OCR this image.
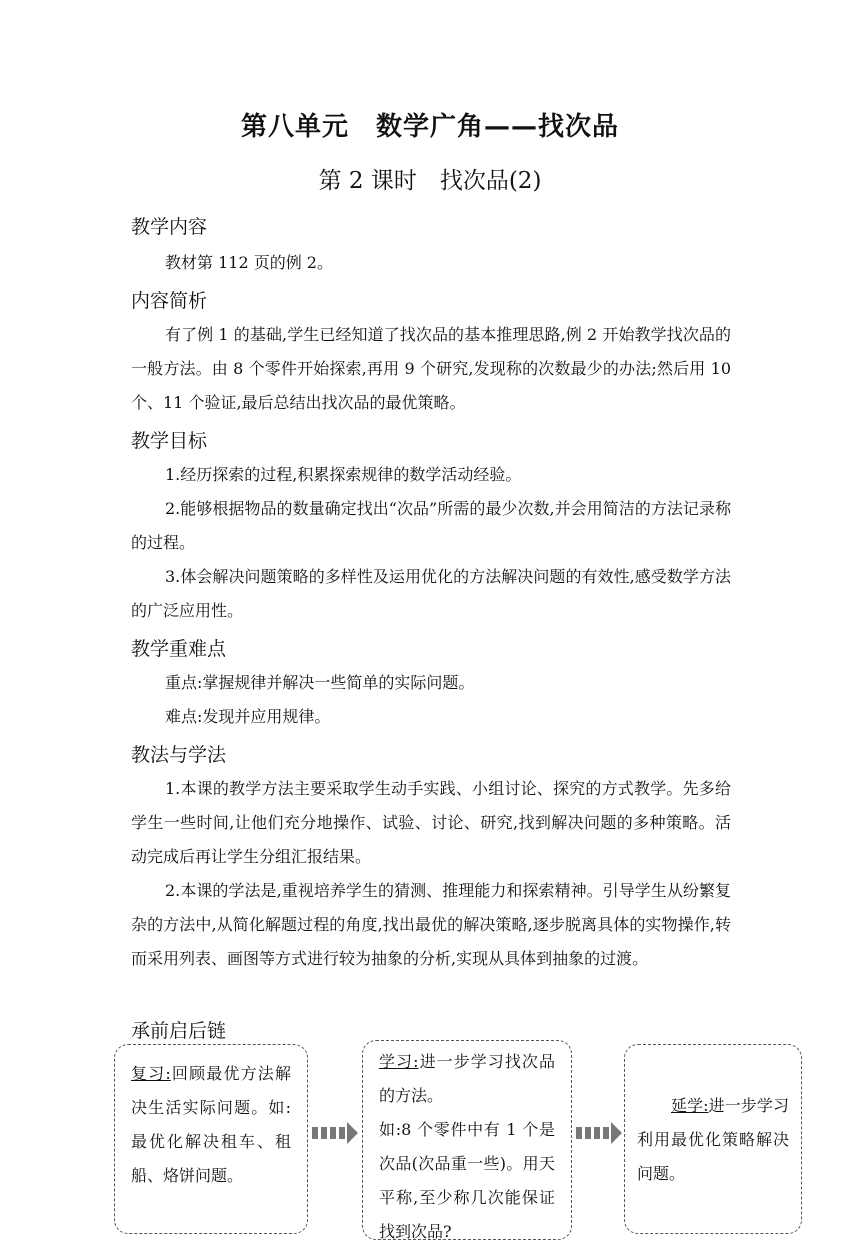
第八单元　数学广角——找次品
第 2 课时　找次品(2)
教学内容
教材第 112 页的例 2。
内容简析
有了例 1 的基础,学生已经知道了找次品的基本推理思路,例 2 开始教学找次品的一般方法。由 8 个零件开始探索,再用 9 个研究,发现称的次数最少的办法;然后用 10 个、11 个验证,最后总结出找次品的最优策略。
教学目标
1.经历探索的过程,积累探索规律的数学活动经验。
2.能够根据物品的数量确定找出“次品”所需的最少次数,并会用简洁的方法记录称的过程。
3.体会解决问题策略的多样性及运用优化的方法解决问题的有效性,感受数学方法的广泛应用性。
教学重难点
重点:掌握规律并解决一些简单的实际问题。
难点:发现并应用规律。
教法与学法
1.本课的教学方法主要采取学生动手实践、小组讨论、探究的方式教学。先多给学生一些时间,让他们充分地操作、试验、讨论、研究,找到解决问题的多种策略。活动完成后再让学生分组汇报结果。
2.本课的学法是,重视培养学生的猜测、推理能力和探索精神。引导学生从纷繁复杂的方法中,从简化解题过程的角度,找出最优的解决策略,逐步脱离具体的实物操作,转而采用列表、画图等方式进行较为抽象的分析,实现从具体到抽象的过渡。
承前启后链
复习:回顾最优方法解决生活实际问题。如:最优化解决租车、租船、烙饼问题。
学习:进一步学习找次品的方法。
如:8 个零件中有 1 个是次品(次品重一些)。用天平称,至少称几次能保证找到次品?
延学:进一步学习利用最优化策略解决问题。
